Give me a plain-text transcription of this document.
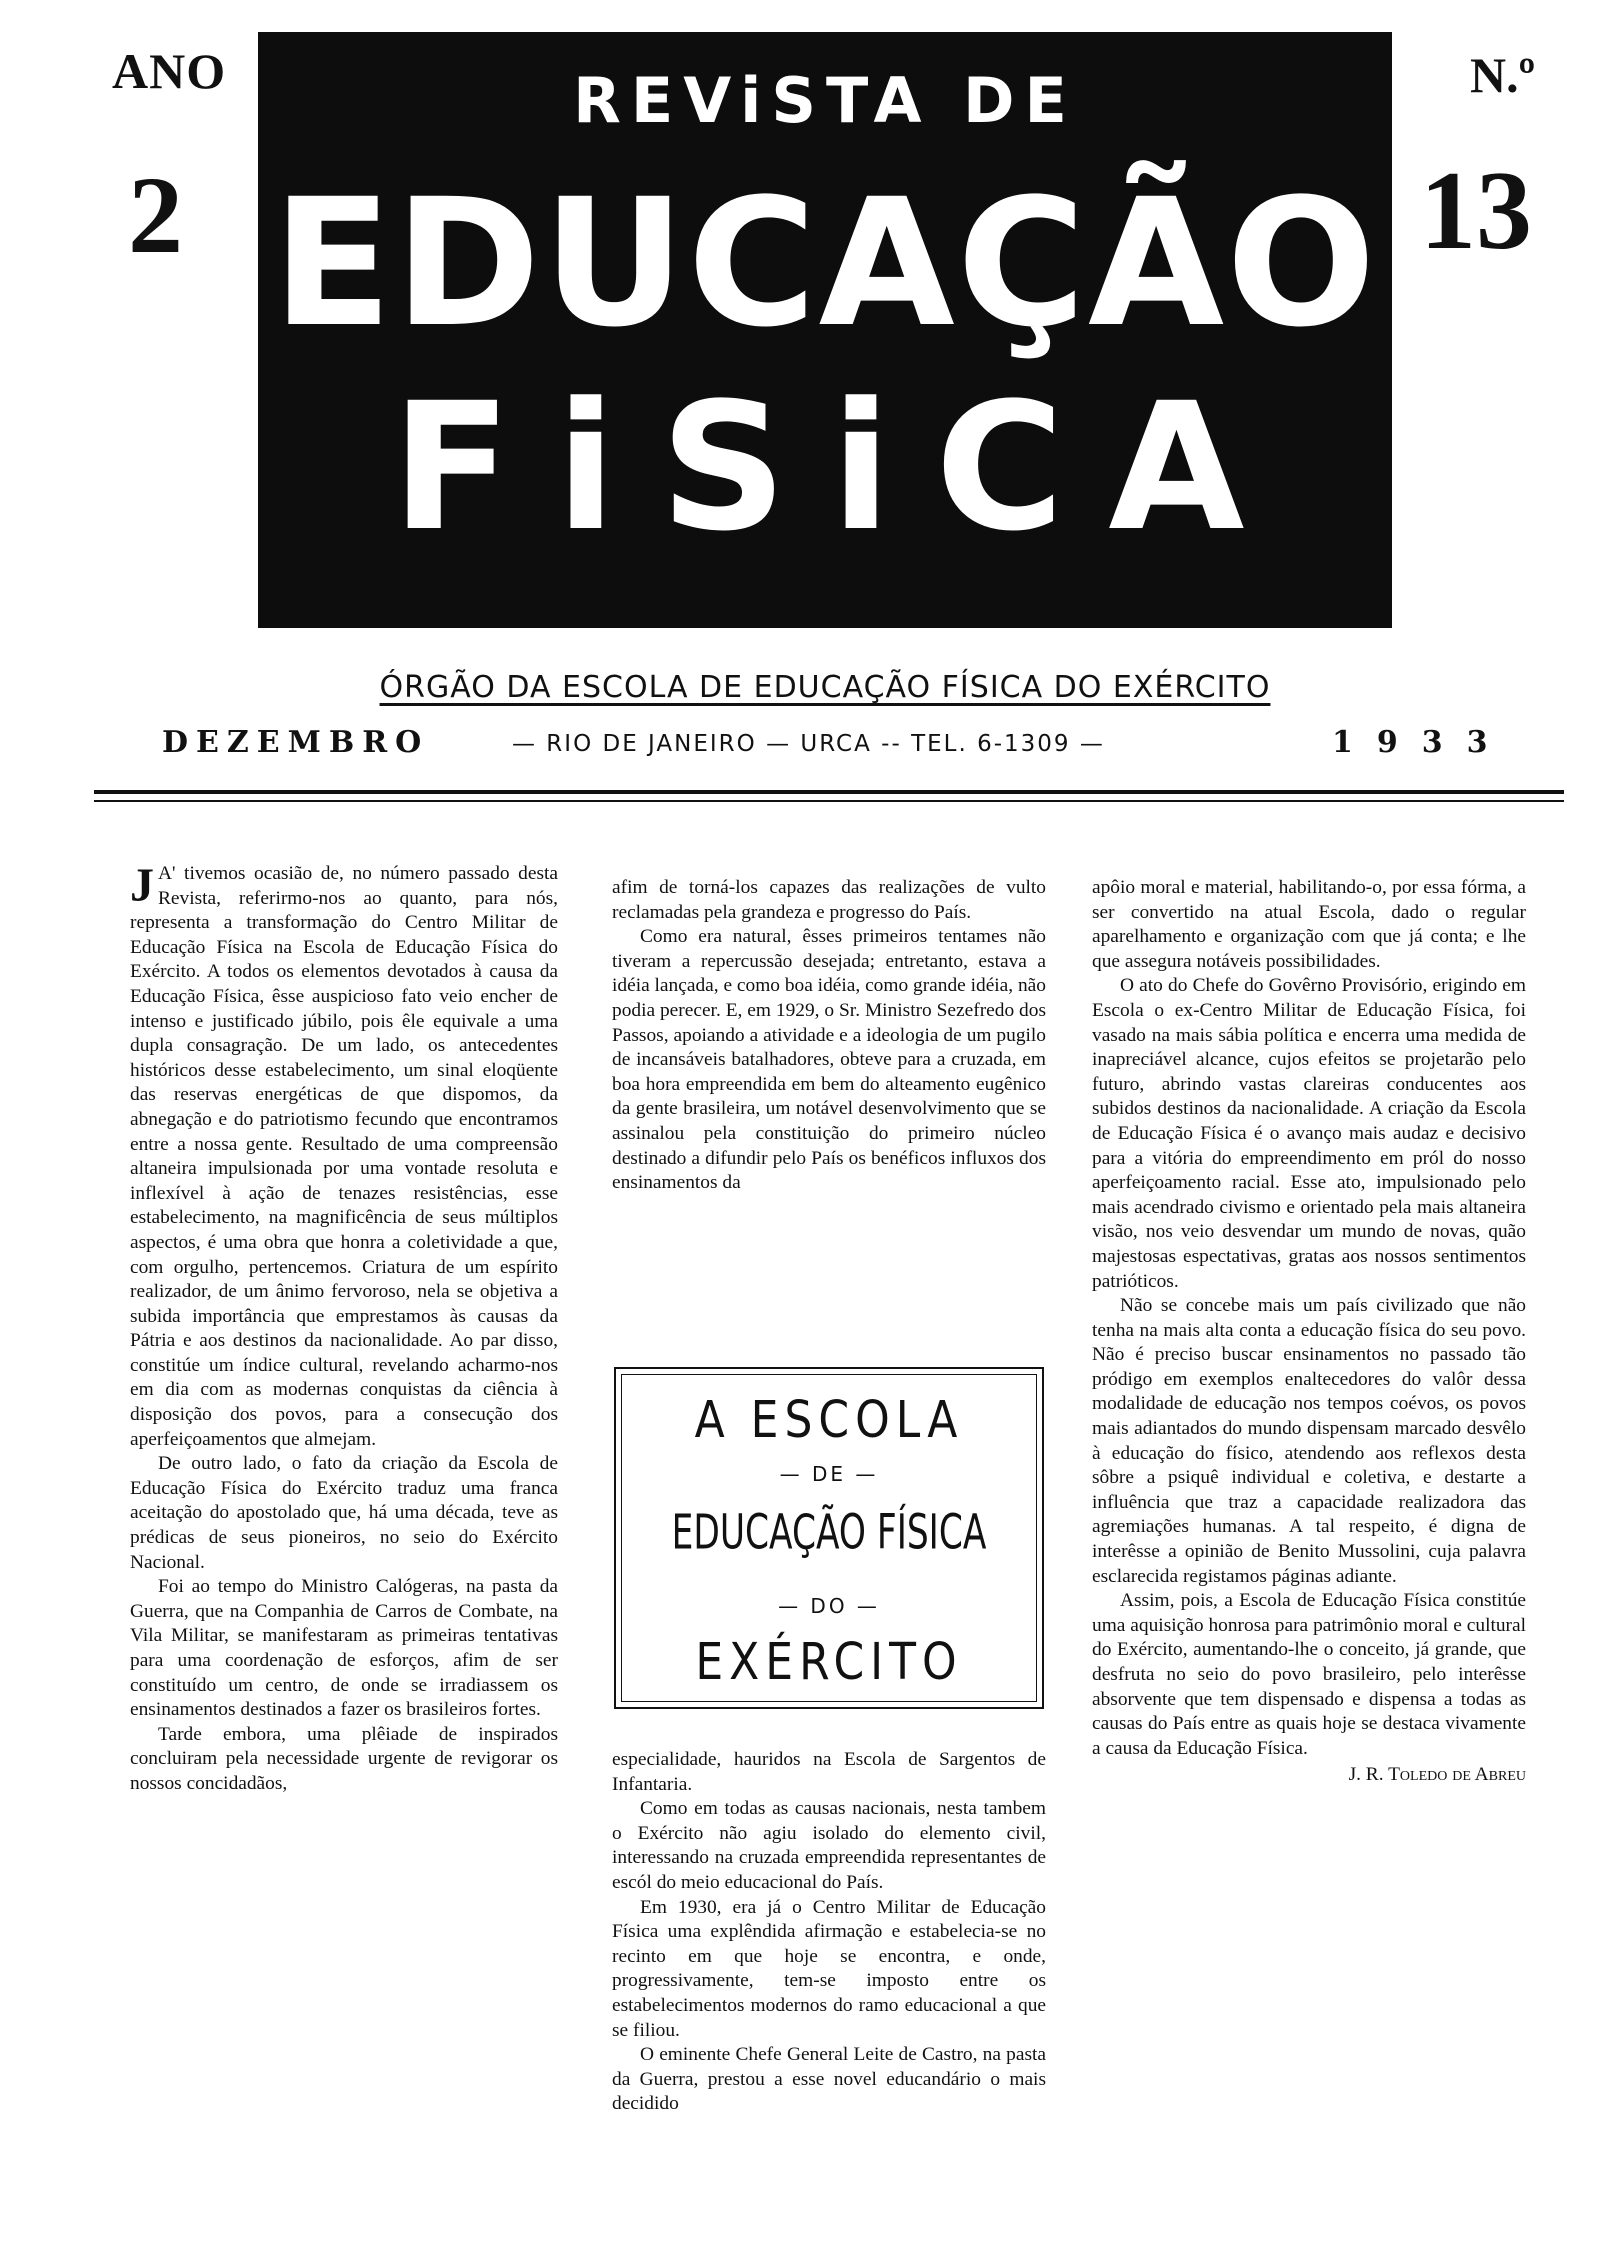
ANO
2
N.º
13
REViSTA DE
EDUCAÇÃO
FiSiCA
ÓRGÃO DA ESCOLA DE EDUCAÇÃO FÍSICA DO EXÉRCITO
DEZEMBRO	— RIO DE JANEIRO — URCA -- TEL. 6-1309 —	1933

J A' tivemos ocasião de, no número passado desta Revista, referirmo-nos ao quanto, para nós, representa a transformação do Centro Militar de Educação Física na Escola de Educação Física do Exército. A todos os elementos devotados à causa da Educação Física, êsse auspicioso fato veio encher de intenso e justificado júbilo, pois êle equivale a uma dupla consagração. De um lado, os antecedentes históricos desse estabelecimento, um sinal eloqüente das reservas energéticas de que dispomos, da abnegação e do patriotismo fecundo que encontramos entre a nossa gente. Resultado de uma compreensão altaneira impulsionada por uma vontade resoluta e inflexível à ação de tenazes resistências, esse estabelecimento, na magnificência de seus múltiplos aspectos, é uma obra que honra a coletividade a que, com orgulho, pertencemos. Criatura de um espírito realizador, de um ânimo fervoroso, nela se objetiva a subida importância que emprestamos às causas da Pátria e aos destinos da nacionalidade. Ao par disso, constitúe um índice cultural, revelando acharmo-nos em dia com as modernas conquistas da ciência à disposição dos povos, para a consecução dos aperfeiçoamentos que almejam.

De outro lado, o fato da criação da Escola de Educação Física do Exército traduz uma franca aceitação do apostolado que, há uma década, teve as prédicas de seus pioneiros, no seio do Exército Nacional.

Foi ao tempo do Ministro Calógeras, na pasta da Guerra, que na Companhia de Carros de Combate, na Vila Militar, se manifestaram as primeiras tentativas para uma coordenação de esforços, afim de ser constituído um centro, de onde se irradiassem os ensinamentos destinados a fazer os brasileiros fortes.

Tarde embora, uma plêiade de inspirados concluiram pela necessidade urgente de revigorar os nossos concidadãos,

afim de torná-los capazes das realizações de vulto reclamadas pela grandeza e progresso do País.

Como era natural, êsses primeiros tentames não tiveram a repercussão desejada; entretanto, estava a idéia lançada, e como boa idéia, como grande idéia, não podia perecer. E, em 1929, o Sr. Ministro Sezefredo dos Passos, apoiando a atividade e a ideologia de um pugilo de incansáveis batalhadores, obteve para a cruzada, em boa hora empreendida em bem do alteamento eugênico da gente brasileira, um notável desenvolvimento que se assinalou pela constituição do primeiro núcleo destinado a difundir pelo País os benéficos influxos dos ensinamentos da

A ESCOLA
— DE —
EDUCAÇÃO FÍSICA
— DO —
EXÉRCITO

especialidade, hauridos na Escola de Sargentos de Infantaria.

Como em todas as causas nacionais, nesta tambem o Exército não agiu isolado do elemento civil, interessando na cruzada empreendida representantes de escól do meio educacional do País.

Em 1930, era já o Centro Militar de Educação Física uma explêndida afirmação e estabelecia-se no recinto em que hoje se encontra, e onde, progressivamente, tem-se imposto entre os estabelecimentos modernos do ramo educacional a que se filiou.

O eminente Chefe General Leite de Castro, na pasta da Guerra, prestou a esse novel educandário o mais decidido

apôio moral e material, habilitando-o, por essa fórma, a ser convertido na atual Escola, dado o regular aparelhamento e organização com que já conta; e lhe que assegura notáveis possibilidades.

O ato do Chefe do Govêrno Provisório, erigindo em Escola o ex-Centro Militar de Educação Física, foi vasado na mais sábia política e encerra uma medida de inapreciável alcance, cujos efeitos se projetarão pelo futuro, abrindo vastas clareiras conducentes aos subidos destinos da nacionalidade. A criação da Escola de Educação Física é o avanço mais audaz e decisivo para a vitória do empreendimento em pról do nosso aperfeiçoamento racial. Esse ato, impulsionado pelo mais acendrado civismo e orientado pela mais altaneira visão, nos veio desvendar um mundo de novas, quão majestosas espectativas, gratas aos nossos sentimentos patrióticos.

Não se concebe mais um país civilizado que não tenha na mais alta conta a educação física do seu povo. Não é preciso buscar ensinamentos no passado tão pródigo em exemplos enaltecedores do valôr dessa modalidade de educação nos tempos coévos, os povos mais adiantados do mundo dispensam marcado desvêlo à educação do físico, atendendo aos reflexos desta sôbre a psiquê individual e coletiva, e destarte a influência que traz a capacidade realizadora das agremiações humanas. A tal respeito, é digna de interêsse a opinião de Benito Mussolini, cuja palavra esclarecida registamos páginas adiante.

Assim, pois, a Escola de Educação Física constitúe uma aquisição honrosa para patrimônio moral e cultural do Exército, aumentando-lhe o conceito, já grande, que desfruta no seio do povo brasileiro, pelo interêsse absorvente que tem dispensado e dispensa a todas as causas do País entre as quais hoje se destaca vivamente a causa da Educação Física.

J. R. Toledo de Abreu
